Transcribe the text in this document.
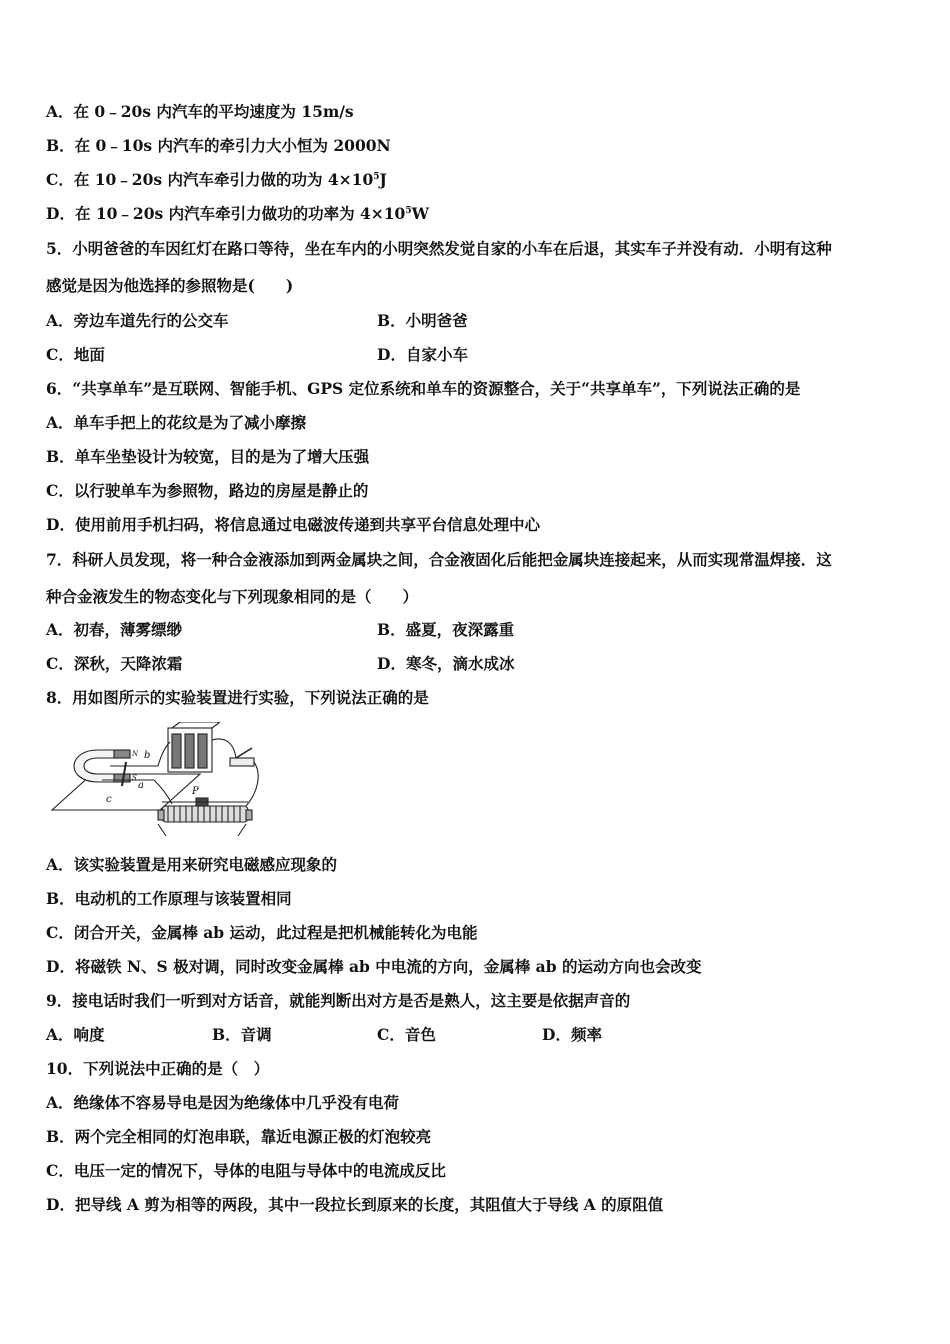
A．在 0﹣20s 内汽车的平均速度为 15m/s
B．在 0﹣10s 内汽车的牵引力大小恒为 2000N
C．在 10﹣20s 内汽车牵引力做的功为 $4\times 10^5J$
D．在 10﹣20s 内汽车牵引力做功的功率为 $4\times 10^5W$
5．小明爸爸的车因红灯在路口等待，坐在车内的小明突然发觉自家的小车在后退，其实车子并没有动．小明有这种
感觉是因为他选择的参照物是(　　)
A．旁边车道先行的公交车	B．小明爸爸
C．地面	D．自家小车
6．“共享单车”是互联网、智能手机、GPS 定位系统和单车的资源整合，关于“共享单车”，下列说法正确的是
A．单车手把上的花纹是为了减小摩擦
B．单车坐垫设计为较宽，目的是为了增大压强
C．以行驶单车为参照物，路边的房屋是静止的
D．使用前用手机扫码，将信息通过电磁波传递到共享平台信息处理中心
7．科研人员发现，将一种合金液添加到两金属块之间，合金液固化后能把金属块连接起来，从而实现常温焊接．这
种合金液发生的物态变化与下列现象相同的是（　　）
A．初春，薄雾缥缈	B．盛夏，夜深露重
C．深秋，天降浓霜	D．寒冬，滴水成冰
8．用如图所示的实验装置进行实验，下列说法正确的是
a
b
c
P
N
S
A．该实验装置是用来研究电磁感应现象的
B．电动机的工作原理与该装置相同
C．闭合开关，金属棒 ab 运动，此过程是把机械能转化为电能
D．将磁铁 N、S 极对调，同时改变金属棒 ab 中电流的方向，金属棒 ab 的运动方向也会改变
9．接电话时我们一听到对方话音，就能判断出对方是否是熟人，这主要是依据声音的
A．响度	B．音调	C．音色	D．频率
10．下列说法中正确的是（　）
A．绝缘体不容易导电是因为绝缘体中几乎没有电荷
B．两个完全相同的灯泡串联，靠近电源正极的灯泡较亮
C．电压一定的情况下，导体的电阻与导体中的电流成反比
D．把导线 A 剪为相等的两段，其中一段拉长到原来的长度，其阻值大于导线 A 的原阻值
